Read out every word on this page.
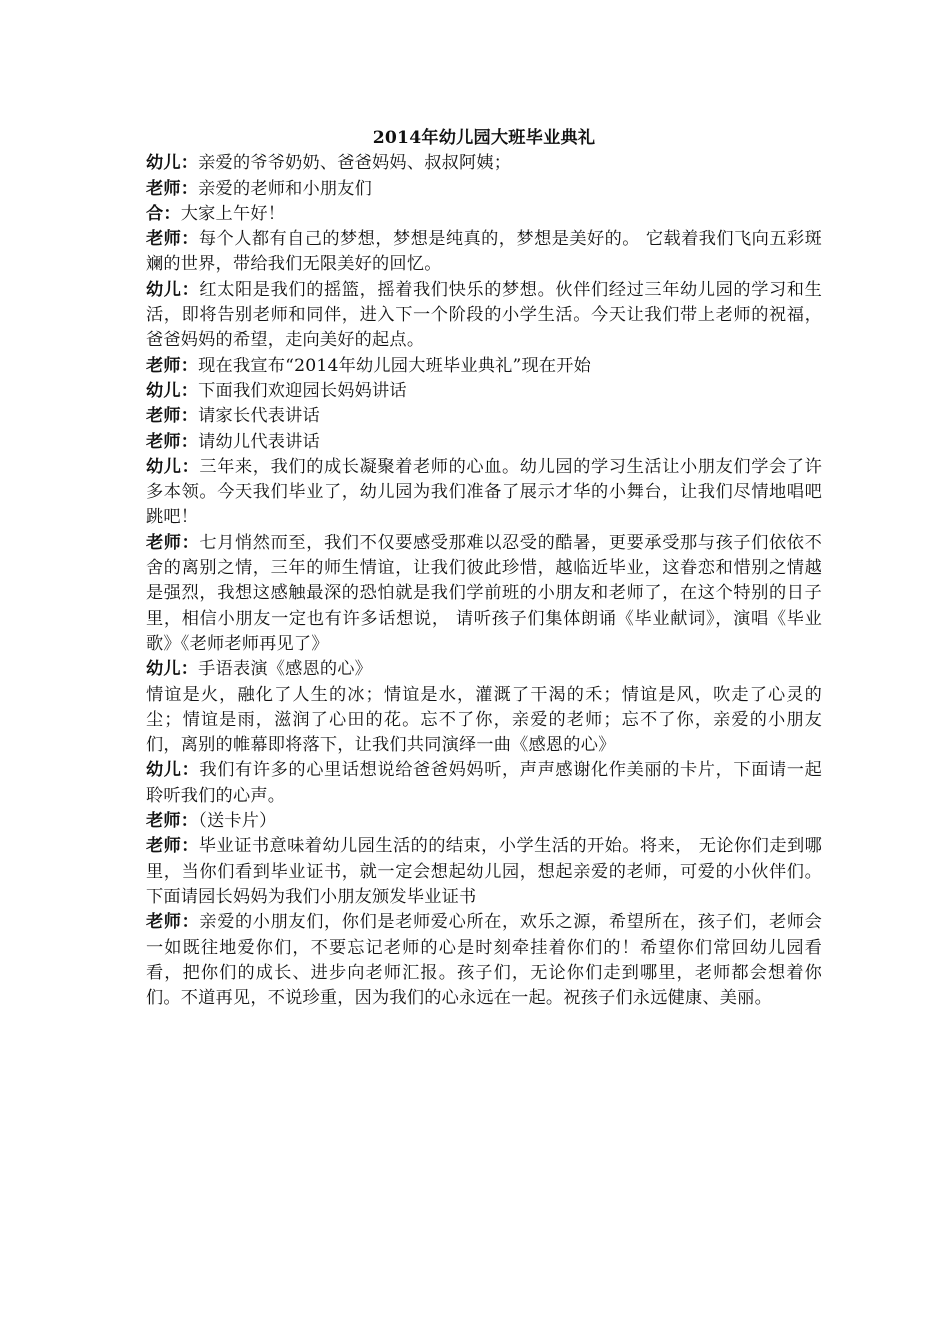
2014年幼儿园大班毕业典礼

幼儿：亲爱的爷爷奶奶、爸爸妈妈、叔叔阿姨；

老师：亲爱的老师和小朋友们

合：大家上午好！

老师：每个人都有自己的梦想，梦想是纯真的，梦想是美好的。 它载着我们飞向五彩斑斓的世界，带给我们无限美好的回忆。

幼儿：红太阳是我们的摇篮，摇着我们快乐的梦想。伙伴们经过三年幼儿园的学习和生活，即将告别老师和同伴，进入下一个阶段的小学生活。今天让我们带上老师的祝福，爸爸妈妈的希望，走向美好的起点。

老师：现在我宣布“2014年幼儿园大班毕业典礼”现在开始

幼儿：下面我们欢迎园长妈妈讲话

老师：请家长代表讲话

老师：请幼儿代表讲话

幼儿：三年来，我们的成长凝聚着老师的心血。幼儿园的学习生活让小朋友们学会了许多本领。今天我们毕业了，幼儿园为我们准备了展示才华的小舞台，让我们尽情地唱吧跳吧！

老师：七月悄然而至，我们不仅要感受那难以忍受的酷暑，更要承受那与孩子们依依不舍的离别之情，三年的师生情谊，让我们彼此珍惜，越临近毕业，这眷恋和惜别之情越是强烈，我想这感触最深的恐怕就是我们学前班的小朋友和老师了，在这个特别的日子里，相信小朋友一定也有许多话想说， 请听孩子们集体朗诵《毕业献词》，演唱《毕业歌》《老师老师再见了》

幼儿：手语表演《感恩的心》

情谊是火，融化了人生的冰；情谊是水，灌溉了干渴的禾；情谊是风，吹走了心灵的尘；情谊是雨，滋润了心田的花。忘不了你，亲爱的老师；忘不了你，亲爱的小朋友们，离别的帷幕即将落下，让我们共同演绎一曲《感恩的心》

幼儿：我们有许多的心里话想说给爸爸妈妈听，声声感谢化作美丽的卡片，下面请一起聆听我们的心声。

老师：（送卡片）

老师：毕业证书意味着幼儿园生活的的结束，小学生活的开始。将来， 无论你们走到哪里，当你们看到毕业证书，就一定会想起幼儿园，想起亲爱的老师，可爱的小伙伴们。下面请园长妈妈为我们小朋友颁发毕业证书

老师：亲爱的小朋友们，你们是老师爱心所在，欢乐之源，希望所在，孩子们，老师会一如既往地爱你们，不要忘记老师的心是时刻牵挂着你们的！希望你们常回幼儿园看看，把你们的成长、进步向老师汇报。孩子们，无论你们走到哪里，老师都会想着你们。不道再见，不说珍重，因为我们的心永远在一起。祝孩子们永远健康、美丽。
